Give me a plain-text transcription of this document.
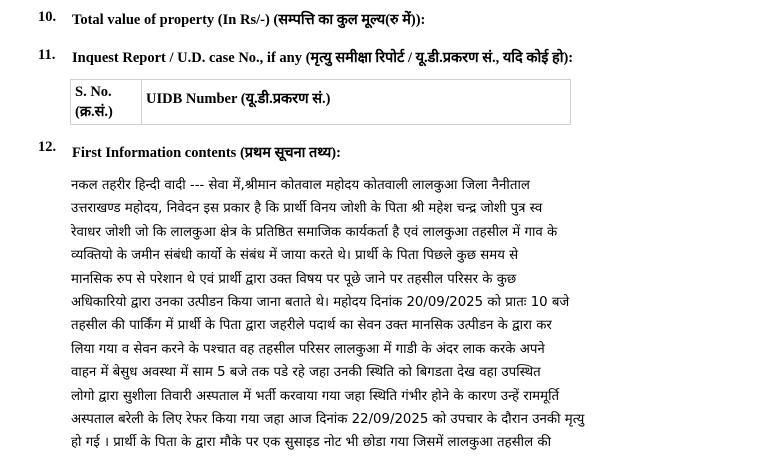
10. Total value of property (In Rs/-) (सम्पत्ति का कुल मूल्य(रु में)):
11. Inquest Report / U.D. case No., if any (मृत्यु समीक्षा रिपोर्ट / यू.डी.प्रकरण सं., यदि कोई हो):
S. No.
(क्र.सं.)
	UIDB Number (यू.डी.प्रकरण सं.)
12. First Information contents (प्रथम सूचना तथ्य):
नकल तहरीर हिन्दी वादी --- सेवा में,श्रीमान कोतवाल महोदय कोतवाली लालकुआ जिला नैनीताल
उत्तराखण्ड महोदय, निवेदन इस प्रकार है कि प्रार्थी विनय जोशी के पिता श्री महेश चन्द्र जोशी पुत्र स्व
रेवाधर जोशी जो कि लालकुआ क्षेत्र के प्रतिष्ठित समाजिक कार्यकर्ता है एवं लालकुआ तहसील में गाव के
व्यक्तियो के जमीन संबंधी कार्यो के संबंध में जाया करते थे। प्रार्थी के पिता पिछले कुछ समय से
मानसिक रुप से परेशान थे एवं प्रार्थी द्वारा उक्त विषय पर पूछे जाने पर तहसील परिसर के कुछ
अधिकारियो द्वारा उनका उत्पीडन किया जाना बताते थे। महोदय दिनांक 20/09/2025 को प्रातः 10 बजे
तहसील की पार्किंग में प्रार्थी के पिता द्वारा जहरीले पदार्थ का सेवन उक्त मानसिक उत्पीडन के द्वारा कर
लिया गया व सेवन करने के पश्चात वह तहसील परिसर लालकुआ में गाडी के अंदर लाक करके अपने
वाहन में बेसुध अवस्था में साम 5 बजे तक पडे रहे जहा उनकी स्थिति को बिगडता देख वहा उपस्थित
लोगो द्वारा सुशीला तिवारी अस्पताल में भर्ती करवाया गया जहा स्थिति गंभीर होने के कारण उन्हें राममूर्ति
अस्पताल बरेली के लिए रेफर किया गया जहा आज दिनांक 22/09/2025 को उपचार के दौरान उनकी मृत्यु
हो गई । प्रार्थी के पिता के द्वारा मौके पर एक सुसाइड नोट भी छोडा गया जिसमें लालकुआ तहसील की
